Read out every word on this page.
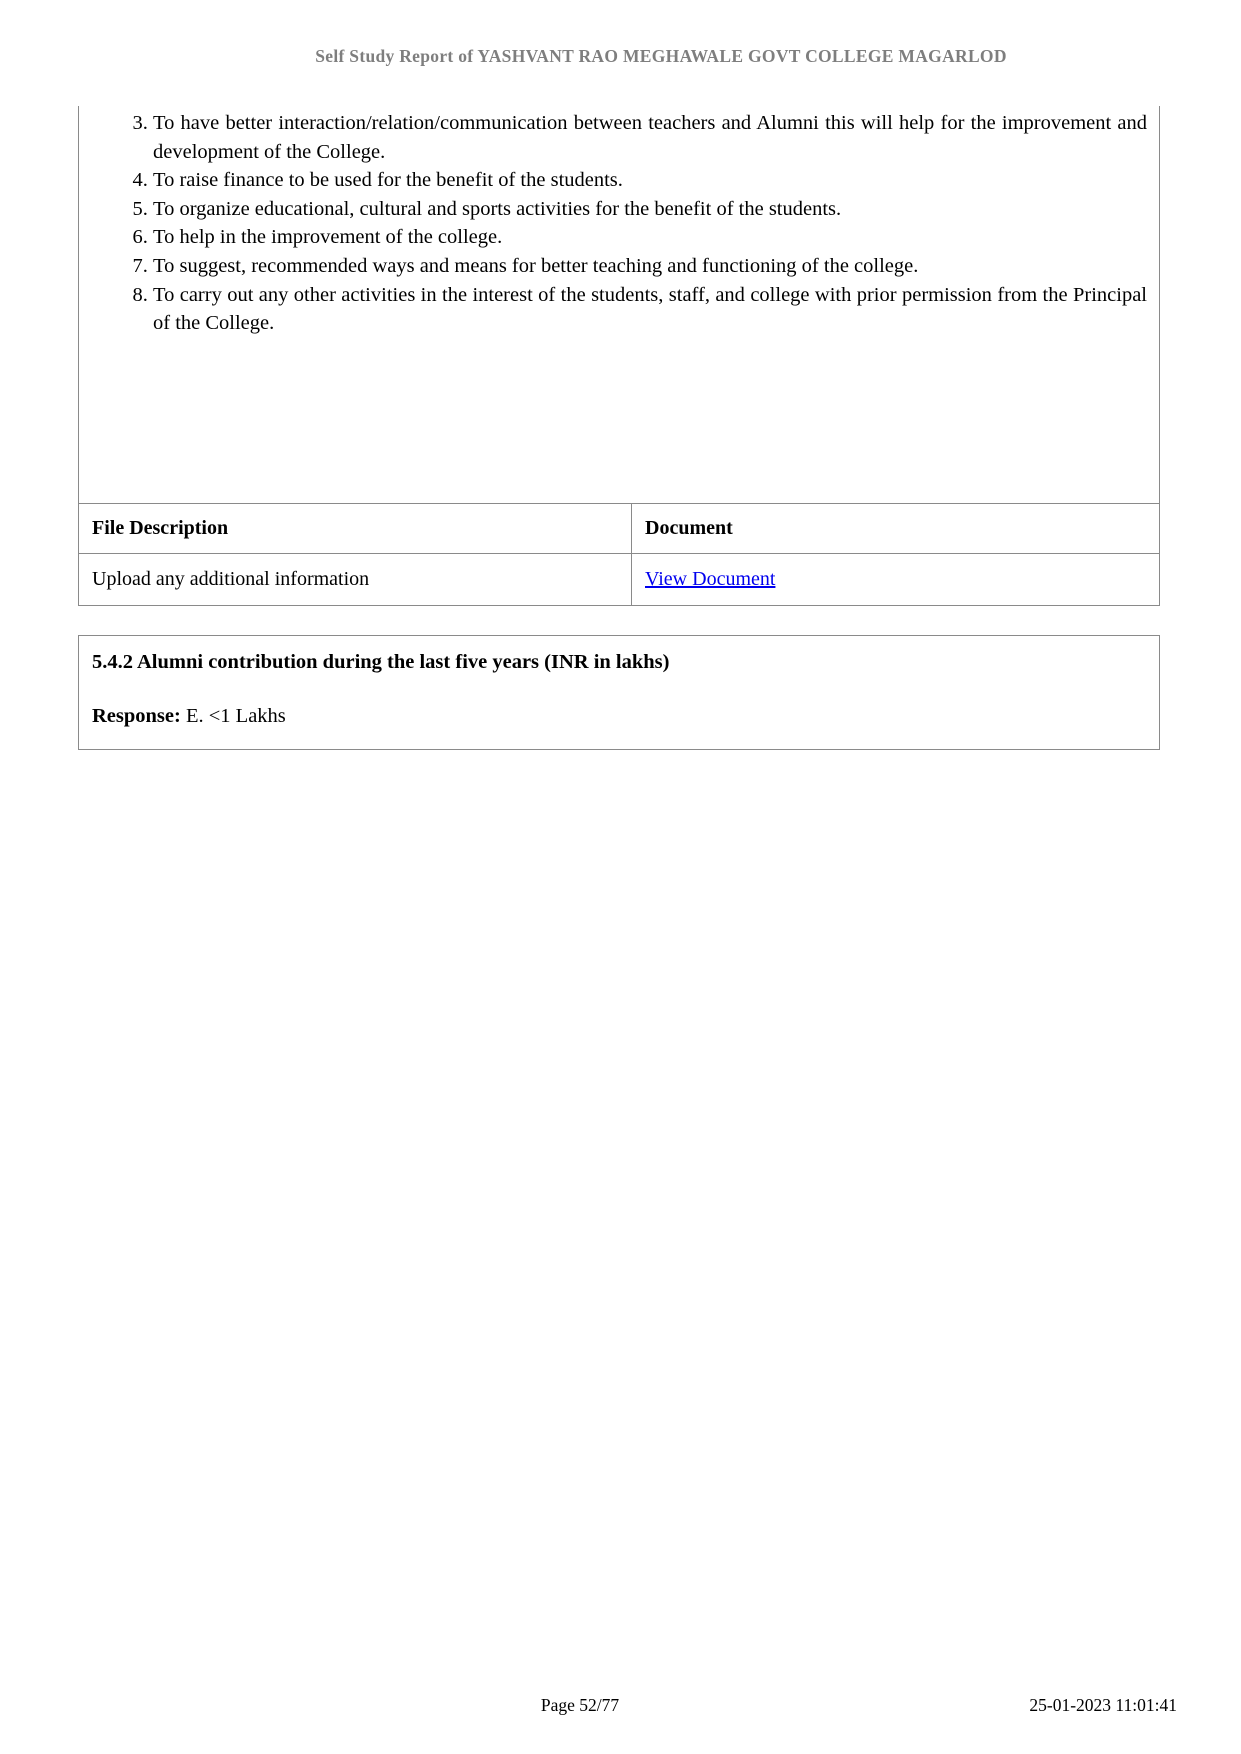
Self Study Report of YASHVANT RAO MEGHAWALE GOVT COLLEGE MAGARLOD
3. To have better interaction/relation/communication between teachers and Alumni this will help for the improvement and development of the College.
4. To raise finance to be used for the benefit of the students.
5. To organize educational, cultural and sports activities for the benefit of the students.
6. To help in the improvement of the college.
7. To suggest, recommended ways and means for better teaching and functioning of the college.
8. To carry out any other activities in the interest of the students, staff, and college with prior permission from the Principal of the College.
File Description	Document
Upload any additional information	View Document
5.4.2 Alumni contribution during the last five years (INR in lakhs)
Response: E. <1 Lakhs
Page 52/77	25-01-2023 11:01:41
